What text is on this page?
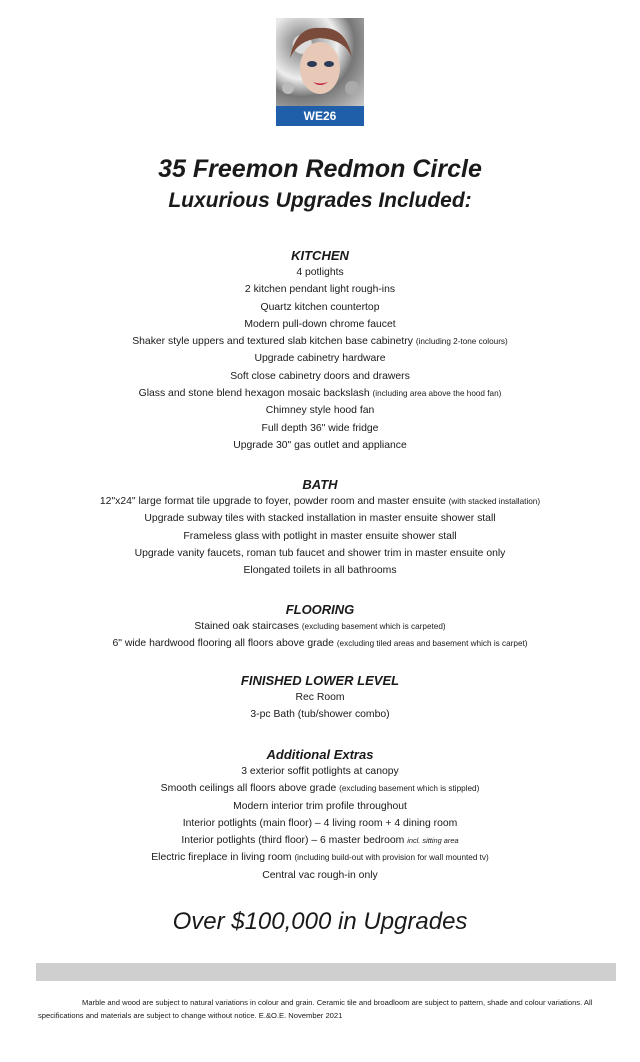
WE26
35 Freemon Redmon Circle
Luxurious Upgrades Included:
KITCHEN
4 potlights
2 kitchen pendant light rough-ins
Quartz kitchen countertop
Modern pull-down chrome faucet
Shaker style uppers and textured slab kitchen base cabinetry (including 2-tone colours)
Upgrade cabinetry hardware
Soft close cabinetry doors and drawers
Glass and stone blend hexagon mosaic backslash (including area above the hood fan)
Chimney style hood fan
Full depth 36" wide fridge
Upgrade 30" gas outlet and appliance
BATH
12"x24" large format tile upgrade to foyer, powder room and master ensuite (with stacked installation)
Upgrade subway tiles with stacked installation in master ensuite shower stall
Frameless glass with potlight in master ensuite shower stall
Upgrade vanity faucets, roman tub faucet and shower trim in master ensuite only
Elongated toilets in all bathrooms
FLOORING
Stained oak staircases (excluding basement which is carpeted)
6" wide hardwood flooring all floors above grade (excluding tiled areas and basement which is carpet)
FINISHED LOWER LEVEL
Rec Room
3-pc Bath (tub/shower combo)
Additional Extras
3 exterior soffit potlights at canopy
Smooth ceilings all floors above grade (excluding basement which is stippled)
Modern interior trim profile throughout
Interior potlights (main floor) – 4 living room + 4 dining room
Interior potlights (third floor) – 6 master bedroom incl. sitting area
Electric fireplace in living room (including build-out with provision for wall mounted tv)
Central vac rough-in only

Over $100,000 in Upgrades

Marble and wood are subject to natural variations in colour and grain. Ceramic tile and broadloom are subject to pattern, shade and colour variations. All specifications and materials are subject to change without notice. E.&O.E. November 2021
